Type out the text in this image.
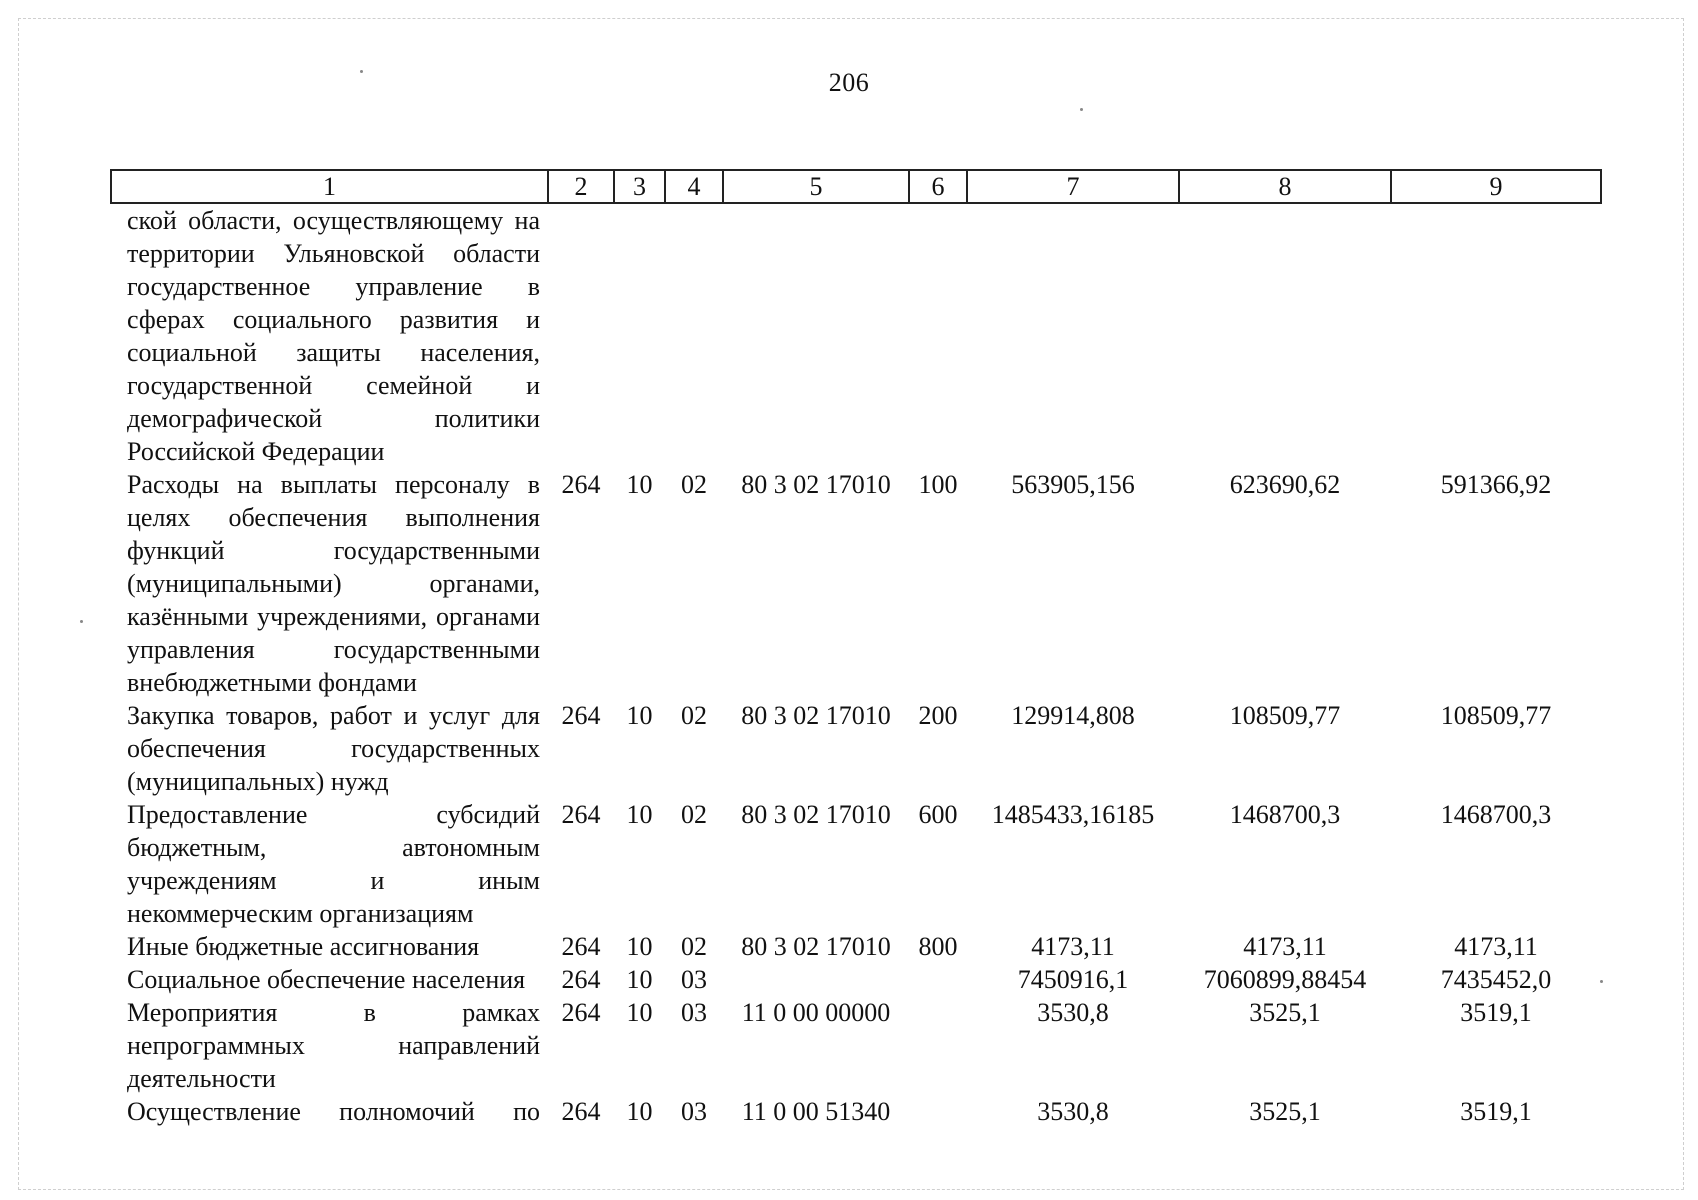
206
1	2	3	4	5	6	7	8	9
ской области, осуществляющему на территории Ульяновской области государственное управление в сферах социального развития и социальной защиты населения, государственной семейной и демографической политики Российской Федерации								
Расходы на выплаты персоналу в целях обеспечения выполнения функций государственными (муниципальными) органами, казёнными учреждениями, органами управления государственными внебюджетными фондами	264	10	02	80 3 02 17010	100	563905,156	623690,62	591366,92
Закупка товаров, работ и услуг для обеспечения государственных (муниципальных) нужд	264	10	02	80 3 02 17010	200	129914,808	108509,77	108509,77
Предоставление субсидий бюджетным, автономным учреждениям и иным некоммерческим организациям	264	10	02	80 3 02 17010	600	1485433,16185	1468700,3	1468700,3
Иные бюджетные ассигнования	264	10	02	80 3 02 17010	800	4173,11	4173,11	4173,11
Социальное обеспечение населения	264	10	03			7450916,1	7060899,88454	7435452,0
Мероприятия в рамках непрограммных направлений деятельности	264	10	03	11 0 00 00000		3530,8	3525,1	3519,1
Осуществление полномочий по	264	10	03	11 0 00 51340		3530,8	3525,1	3519,1
